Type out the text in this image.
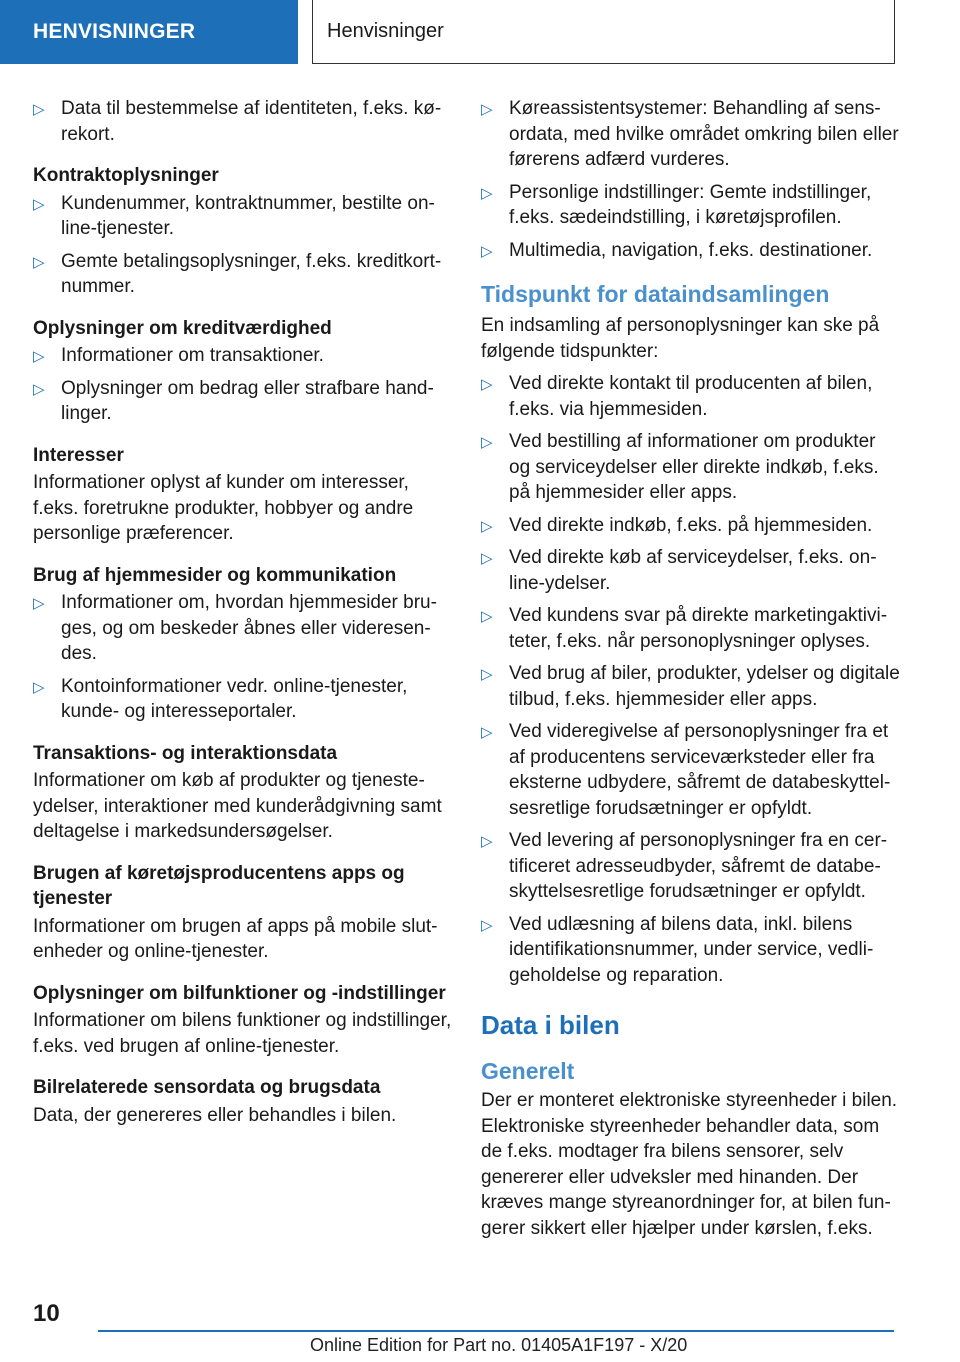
HENVISNINGER	Henvisninger
▷ Data til bestemmelse af identiteten, f.eks. kørekort.
Kontraktoplysninger
▷ Kundenummer, kontraktnummer, bestilte online-tjenester.
▷ Gemte betalingsoplysninger, f.eks. kreditkortnummer.
Oplysninger om kreditværdighed
▷ Informationer om transaktioner.
▷ Oplysninger om bedrag eller strafbare handlinger.
Interesser
Informationer oplyst af kunder om interesser, f.eks. foretrukne produkter, hobbyer og andre personlige præferencer.
Brug af hjemmesider og kommunikation
▷ Informationer om, hvordan hjemmesider bruges, og om beskeder åbnes eller videresendes.
▷ Kontoinformationer vedr. online-tjenester, kunde- og interesseportaler.
Transaktions- og interaktionsdata
Informationer om køb af produkter og tjenesteydelser, interaktioner med kunderådgivning samt deltagelse i markedsundersøgelser.
Brugen af køretøjsproducentens apps og tjenester
Informationer om brugen af apps på mobile slutenheder og online-tjenester.
Oplysninger om bilfunktioner og -indstillinger
Informationer om bilens funktioner og indstillinger, f.eks. ved brugen af online-tjenester.
Bilrelaterede sensordata og brugsdata
Data, der genereres eller behandles i bilen.
▷ Køreassistentsystemer: Behandling af sensordata, med hvilke området omkring bilen eller førerens adfærd vurderes.
▷ Personlige indstillinger: Gemte indstillinger, f.eks. sædeindstilling, i køretøjsprofilen.
▷ Multimedia, navigation, f.eks. destinationer.
Tidspunkt for dataindsamlingen
En indsamling af personoplysninger kan ske på følgende tidspunkter:
▷ Ved direkte kontakt til producenten af bilen, f.eks. via hjemmesiden.
▷ Ved bestilling af informationer om produkter og serviceydelser eller direkte indkøb, f.eks. på hjemmesider eller apps.
▷ Ved direkte indkøb, f.eks. på hjemmesiden.
▷ Ved direkte køb af serviceydelser, f.eks. online-ydelser.
▷ Ved kundens svar på direkte marketingaktiviteter, f.eks. når personoplysninger oplyses.
▷ Ved brug af biler, produkter, ydelser og digitale tilbud, f.eks. hjemmesider eller apps.
▷ Ved videregivelse af personoplysninger fra et af producentens serviceværksteder eller fra eksterne udbydere, såfremt de databeskyttelsesretlige forudsætninger er opfyldt.
▷ Ved levering af personoplysninger fra en certificeret adresseudbyder, såfremt de databeskyttelsesretlige forudsætninger er opfyldt.
▷ Ved udlæsning af bilens data, inkl. bilens identifikationsnummer, under service, vedligeholdelse og reparation.
Data i bilen
Generelt
Der er monteret elektroniske styreenheder i bilen. Elektroniske styreenheder behandler data, som de f.eks. modtager fra bilens sensorer, selv genererer eller udveksler med hinanden. Der kræves mange styreanordninger for, at bilen fungerer sikkert eller hjælper under kørslen, f.eks.
10
Online Edition for Part no. 01405A1F197 - X/20
